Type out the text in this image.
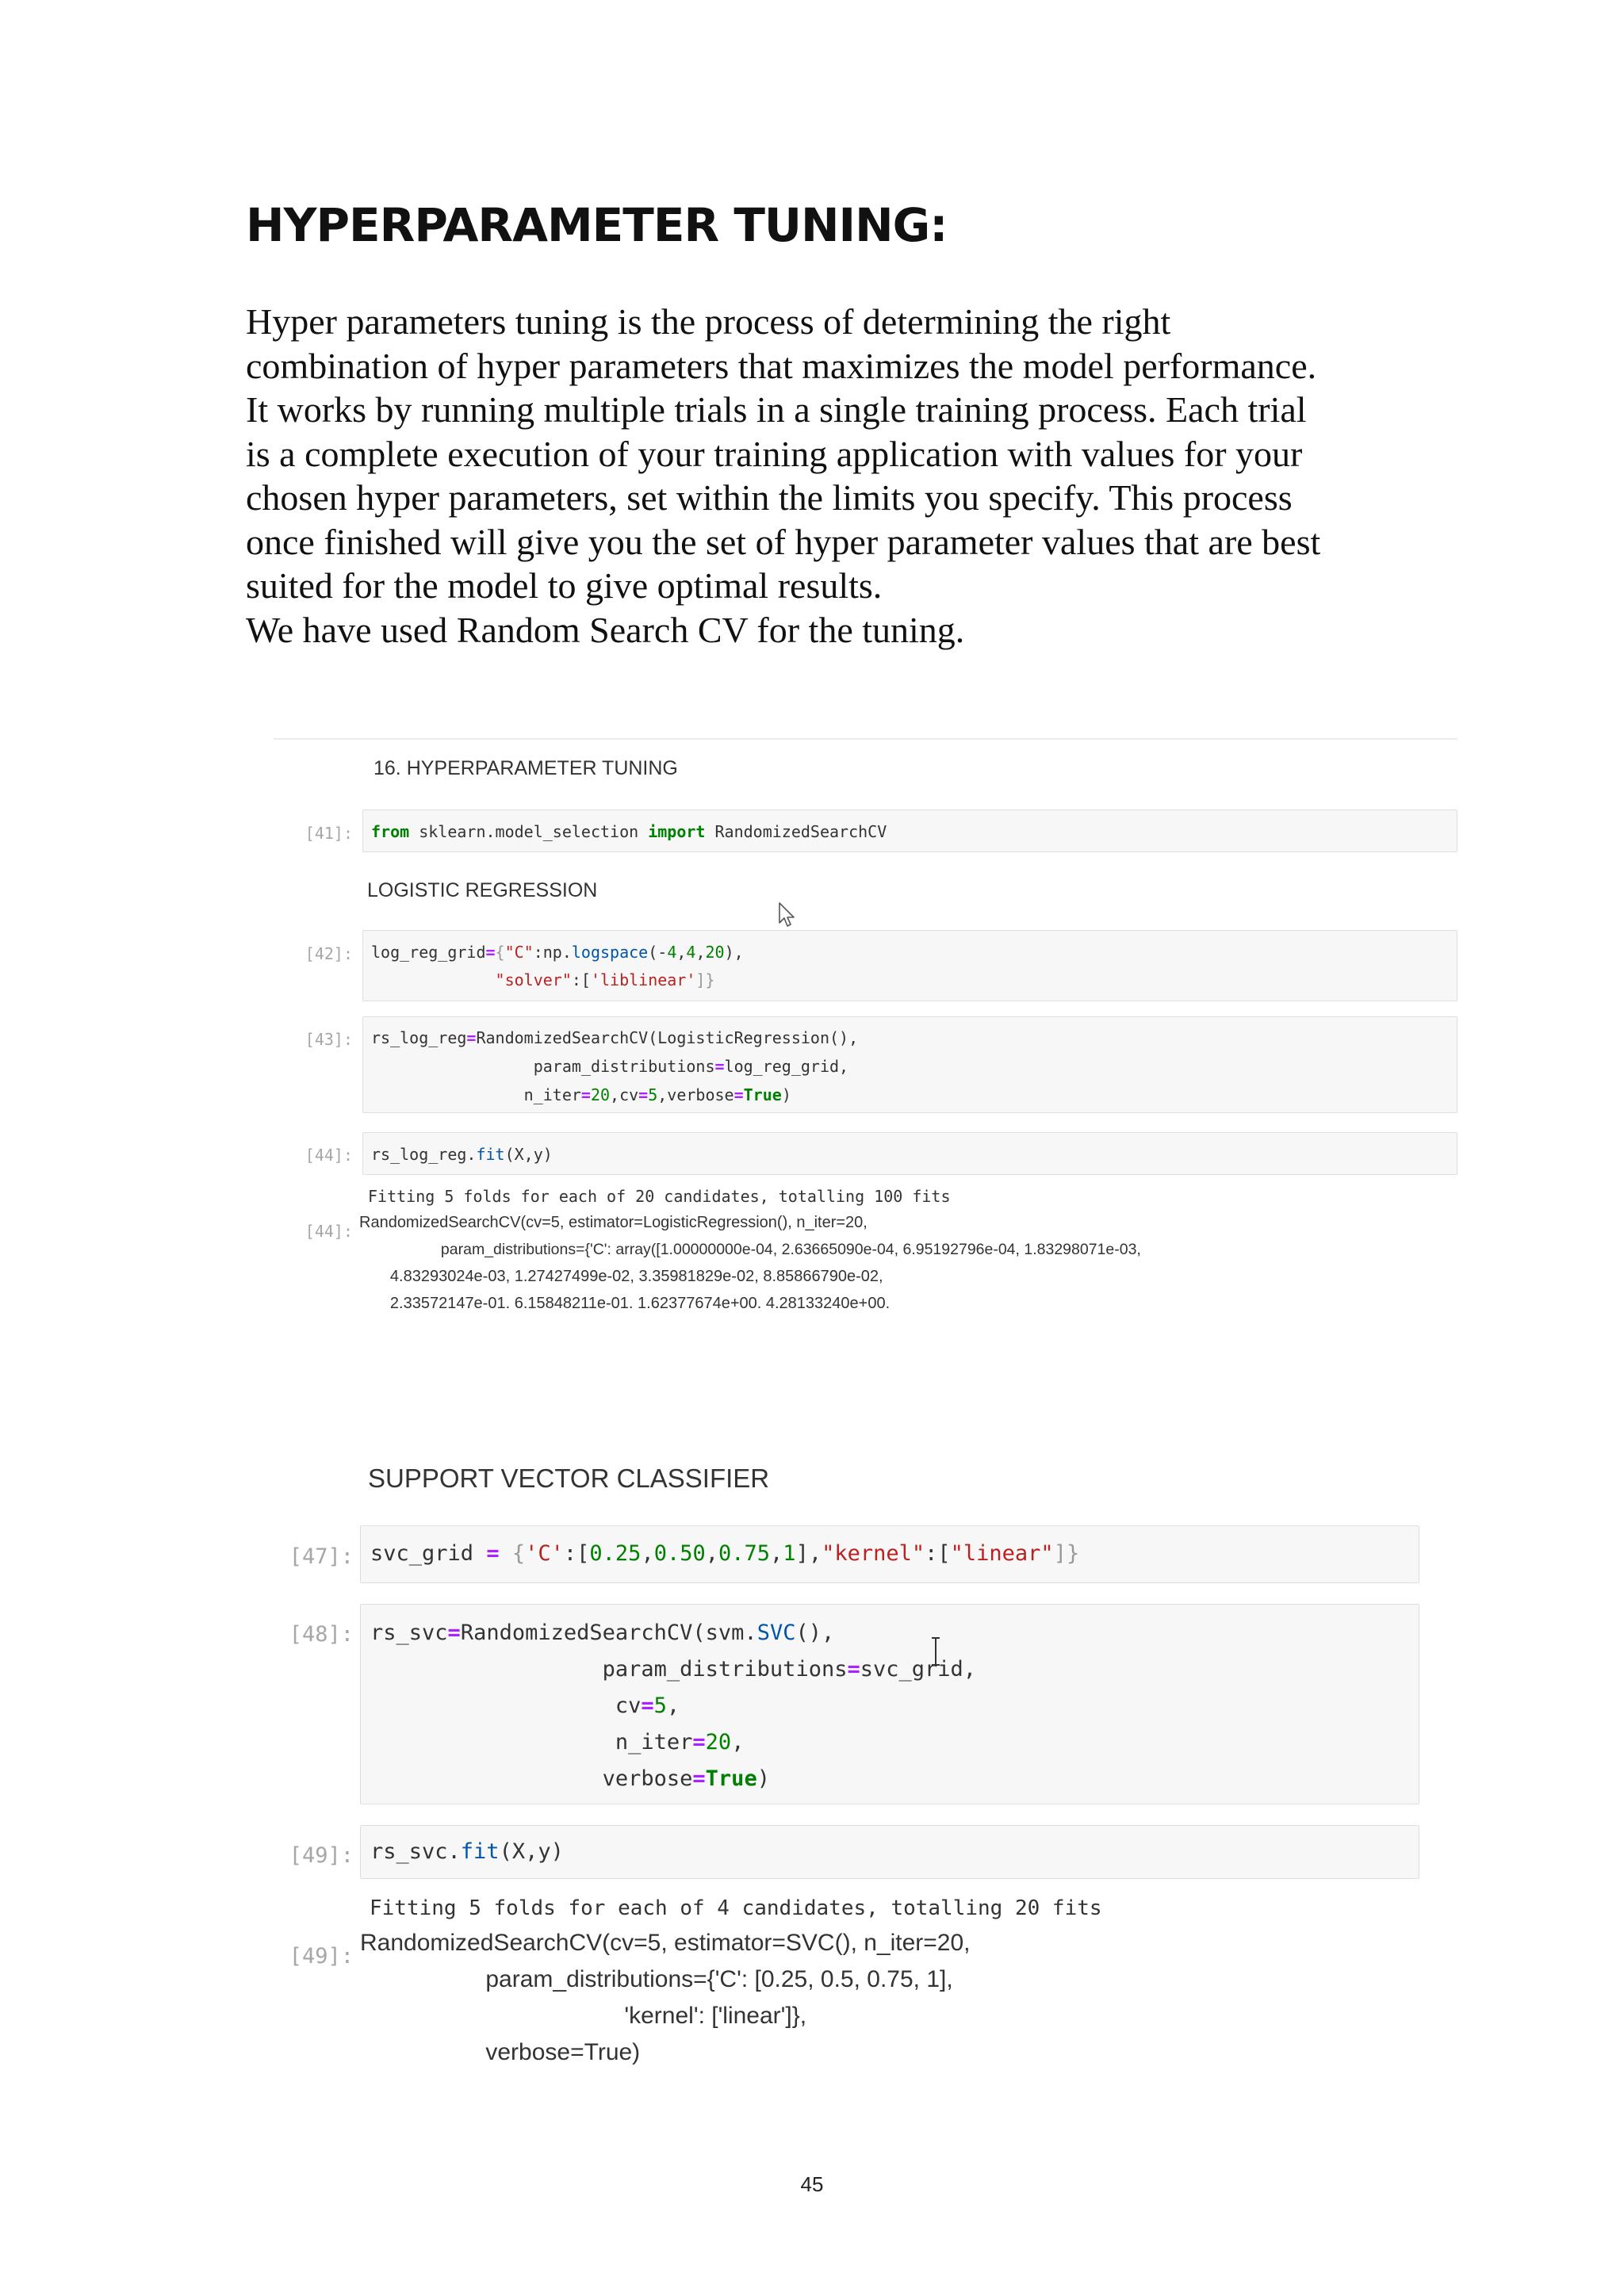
HYPERPARAMETER TUNING:

Hyper parameters tuning is the process of determining the right

combination of hyper parameters that maximizes the model performance.

It works by running multiple trials in a single training process. Each trial

is a complete execution of your training application with values for your

chosen hyper parameters, set within the limits you specify. This process

once finished will give you the set of hyper parameter values that are best

suited for the model to give optimal results.

We have used Random Search CV for the tuning.

16. HYPERPARAMETER TUNING
[41]: from sklearn.model_selection import RandomizedSearchCV
LOGISTIC REGRESSION
[42]: log_reg_grid={"C":np.logspace(-4,4,20),
"solver":['liblinear']}
[43]: rs_log_reg=RandomizedSearchCV(LogisticRegression(),
param_distributions=log_reg_grid,
n_iter=20,cv=5,verbose=True)
[44]: rs_log_reg.fit(X,y)
Fitting 5 folds for each of 20 candidates, totalling 100 fits
[44]: RandomizedSearchCV(cv=5, estimator=LogisticRegression(), n_iter=20,
param_distributions={'C': array([1.00000000e-04, 2.63665090e-04, 6.95192796e-04, 1.83298071e-03,
4.83293024e-03, 1.27427499e-02, 3.35981829e-02, 8.85866790e-02,
2.33572147e-01. 6.15848211e-01. 1.62377674e+00. 4.28133240e+00.
SUPPORT VECTOR CLASSIFIER
[47]: svc_grid = {'C':[0.25,0.50,0.75,1],"kernel":["linear"]}
[48]: rs_svc=RandomizedSearchCV(svm.SVC(),
param_distributions=svc_grid,
cv=5,
n_iter=20,
verbose=True)
[49]: rs_svc.fit(X,y)
Fitting 5 folds for each of 4 candidates, totalling 20 fits
[49]:
RandomizedSearchCV(cv=5, estimator=SVC(), n_iter=20,
param_distributions={'C': [0.25, 0.5, 0.75, 1],
'kernel': ['linear']},
verbose=True)
45
